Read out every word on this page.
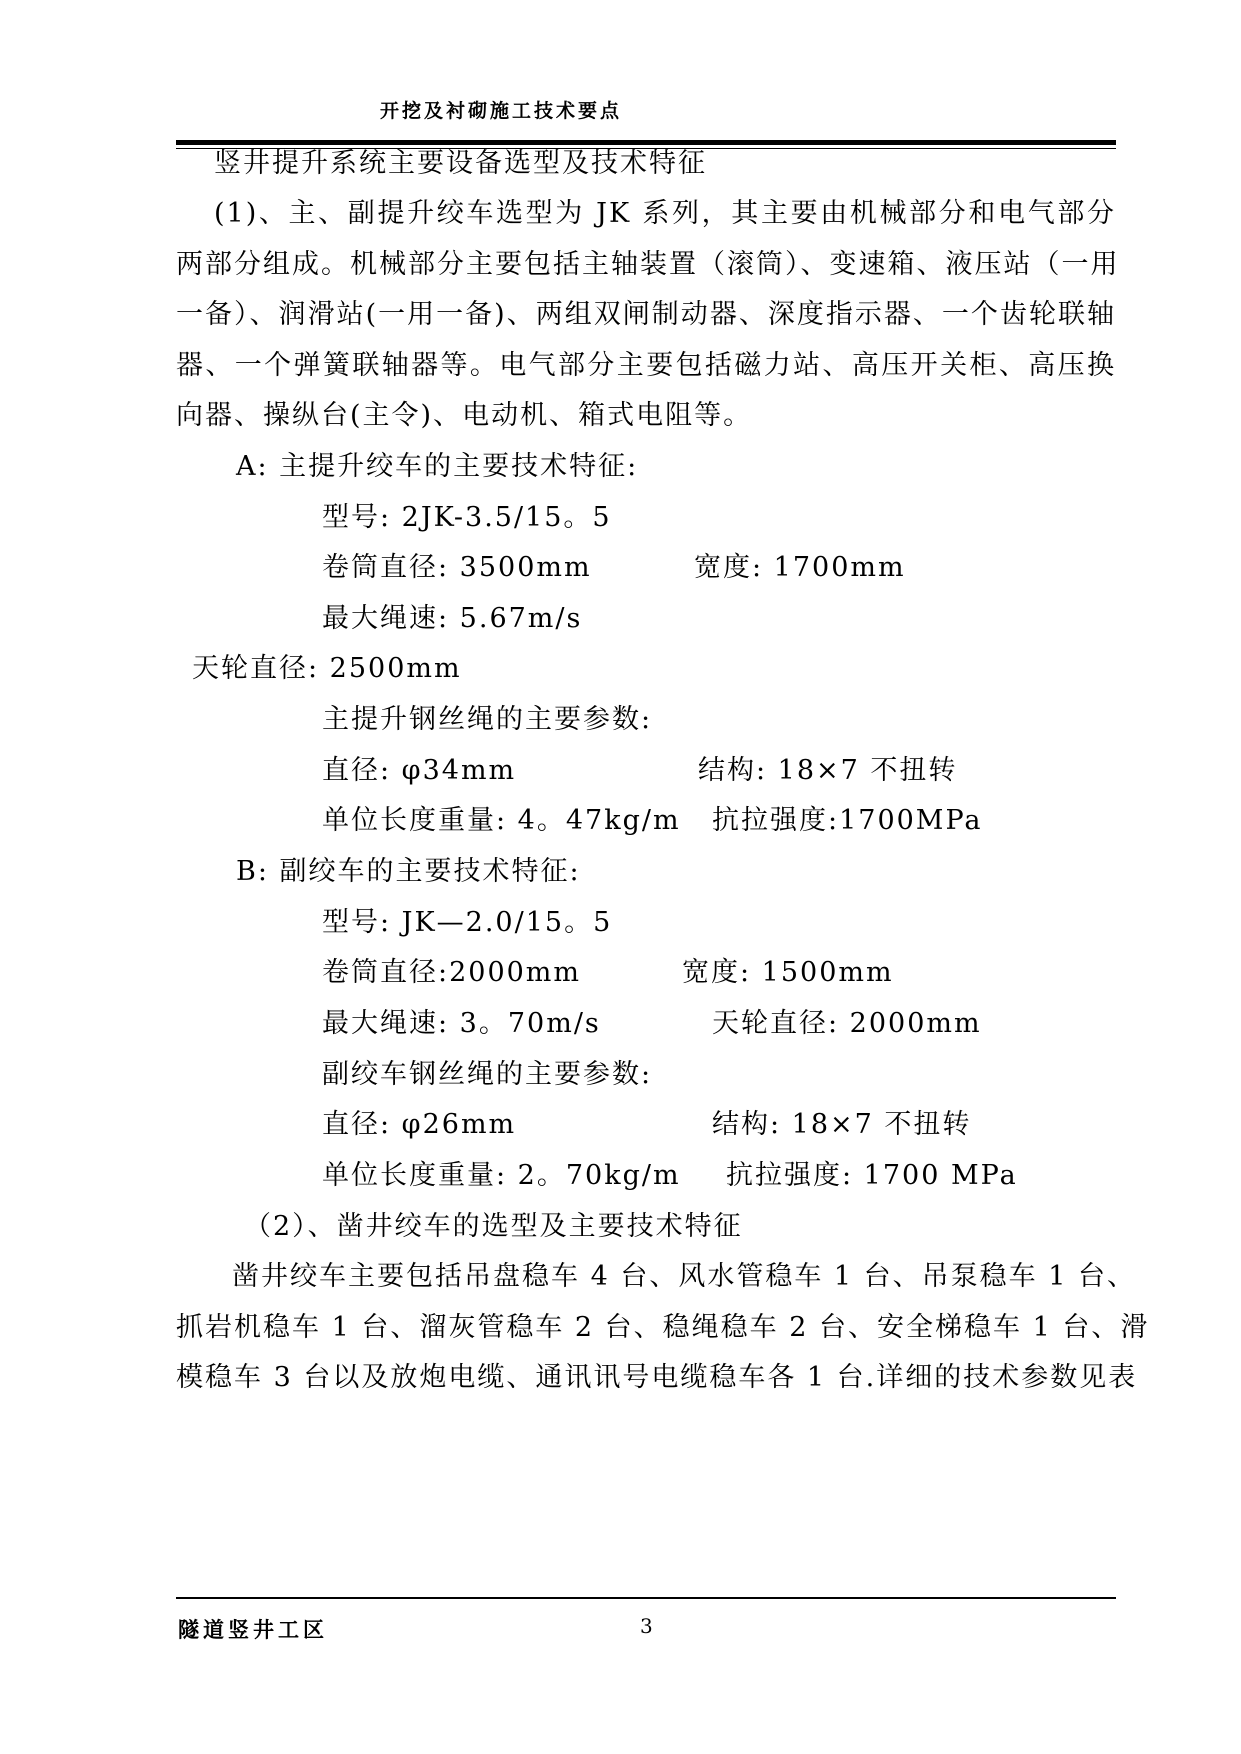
开挖及衬砌施工技术要点
竖井提升系统主要设备选型及技术特征
(1)、主、副提升绞车选型为 JK 系列，其主要由机械部分和电气部分
两部分组成。机械部分主要包括主轴装置（滚筒）、变速箱、液压站（一用
一备）、润滑站(一用一备)、两组双闸制动器、深度指示器、一个齿轮联轴
器、一个弹簧联轴器等。电气部分主要包括磁力站、高压开关柜、高压换
向器、操纵台(主令)、电动机、箱式电阻等。
A: 主提升绞车的主要技术特征:
型号: 2JK-3.5/15。5
卷筒直径: 3500mm	宽度: 1700mm
最大绳速: 5.67m/s
天轮直径: 2500mm
主提升钢丝绳的主要参数:
直径: φ34mm	结构: 18×7 不扭转
单位长度重量: 4。47kg/m 抗拉强度:1700MPa
B: 副绞车的主要技术特征:
型号: JK—2.0/15。5
卷筒直径:2000mm	宽度: 1500mm
最大绳速: 3。70m/s	天轮直径: 2000mm
副绞车钢丝绳的主要参数:
直径: φ26mm	结构: 18×7 不扭转
单位长度重量: 2。70kg/m 抗拉强度: 1700 MPa
（2）、凿井绞车的选型及主要技术特征
凿井绞车主要包括吊盘稳车 4 台、风水管稳车 1 台、吊泵稳车 1 台、
抓岩机稳车 1 台、溜灰管稳车 2 台、稳绳稳车 2 台、安全梯稳车 1 台、滑
模稳车 3 台以及放炮电缆、通讯讯号电缆稳车各 1 台.详细的技术参数见表
隧道竖井工区	3
